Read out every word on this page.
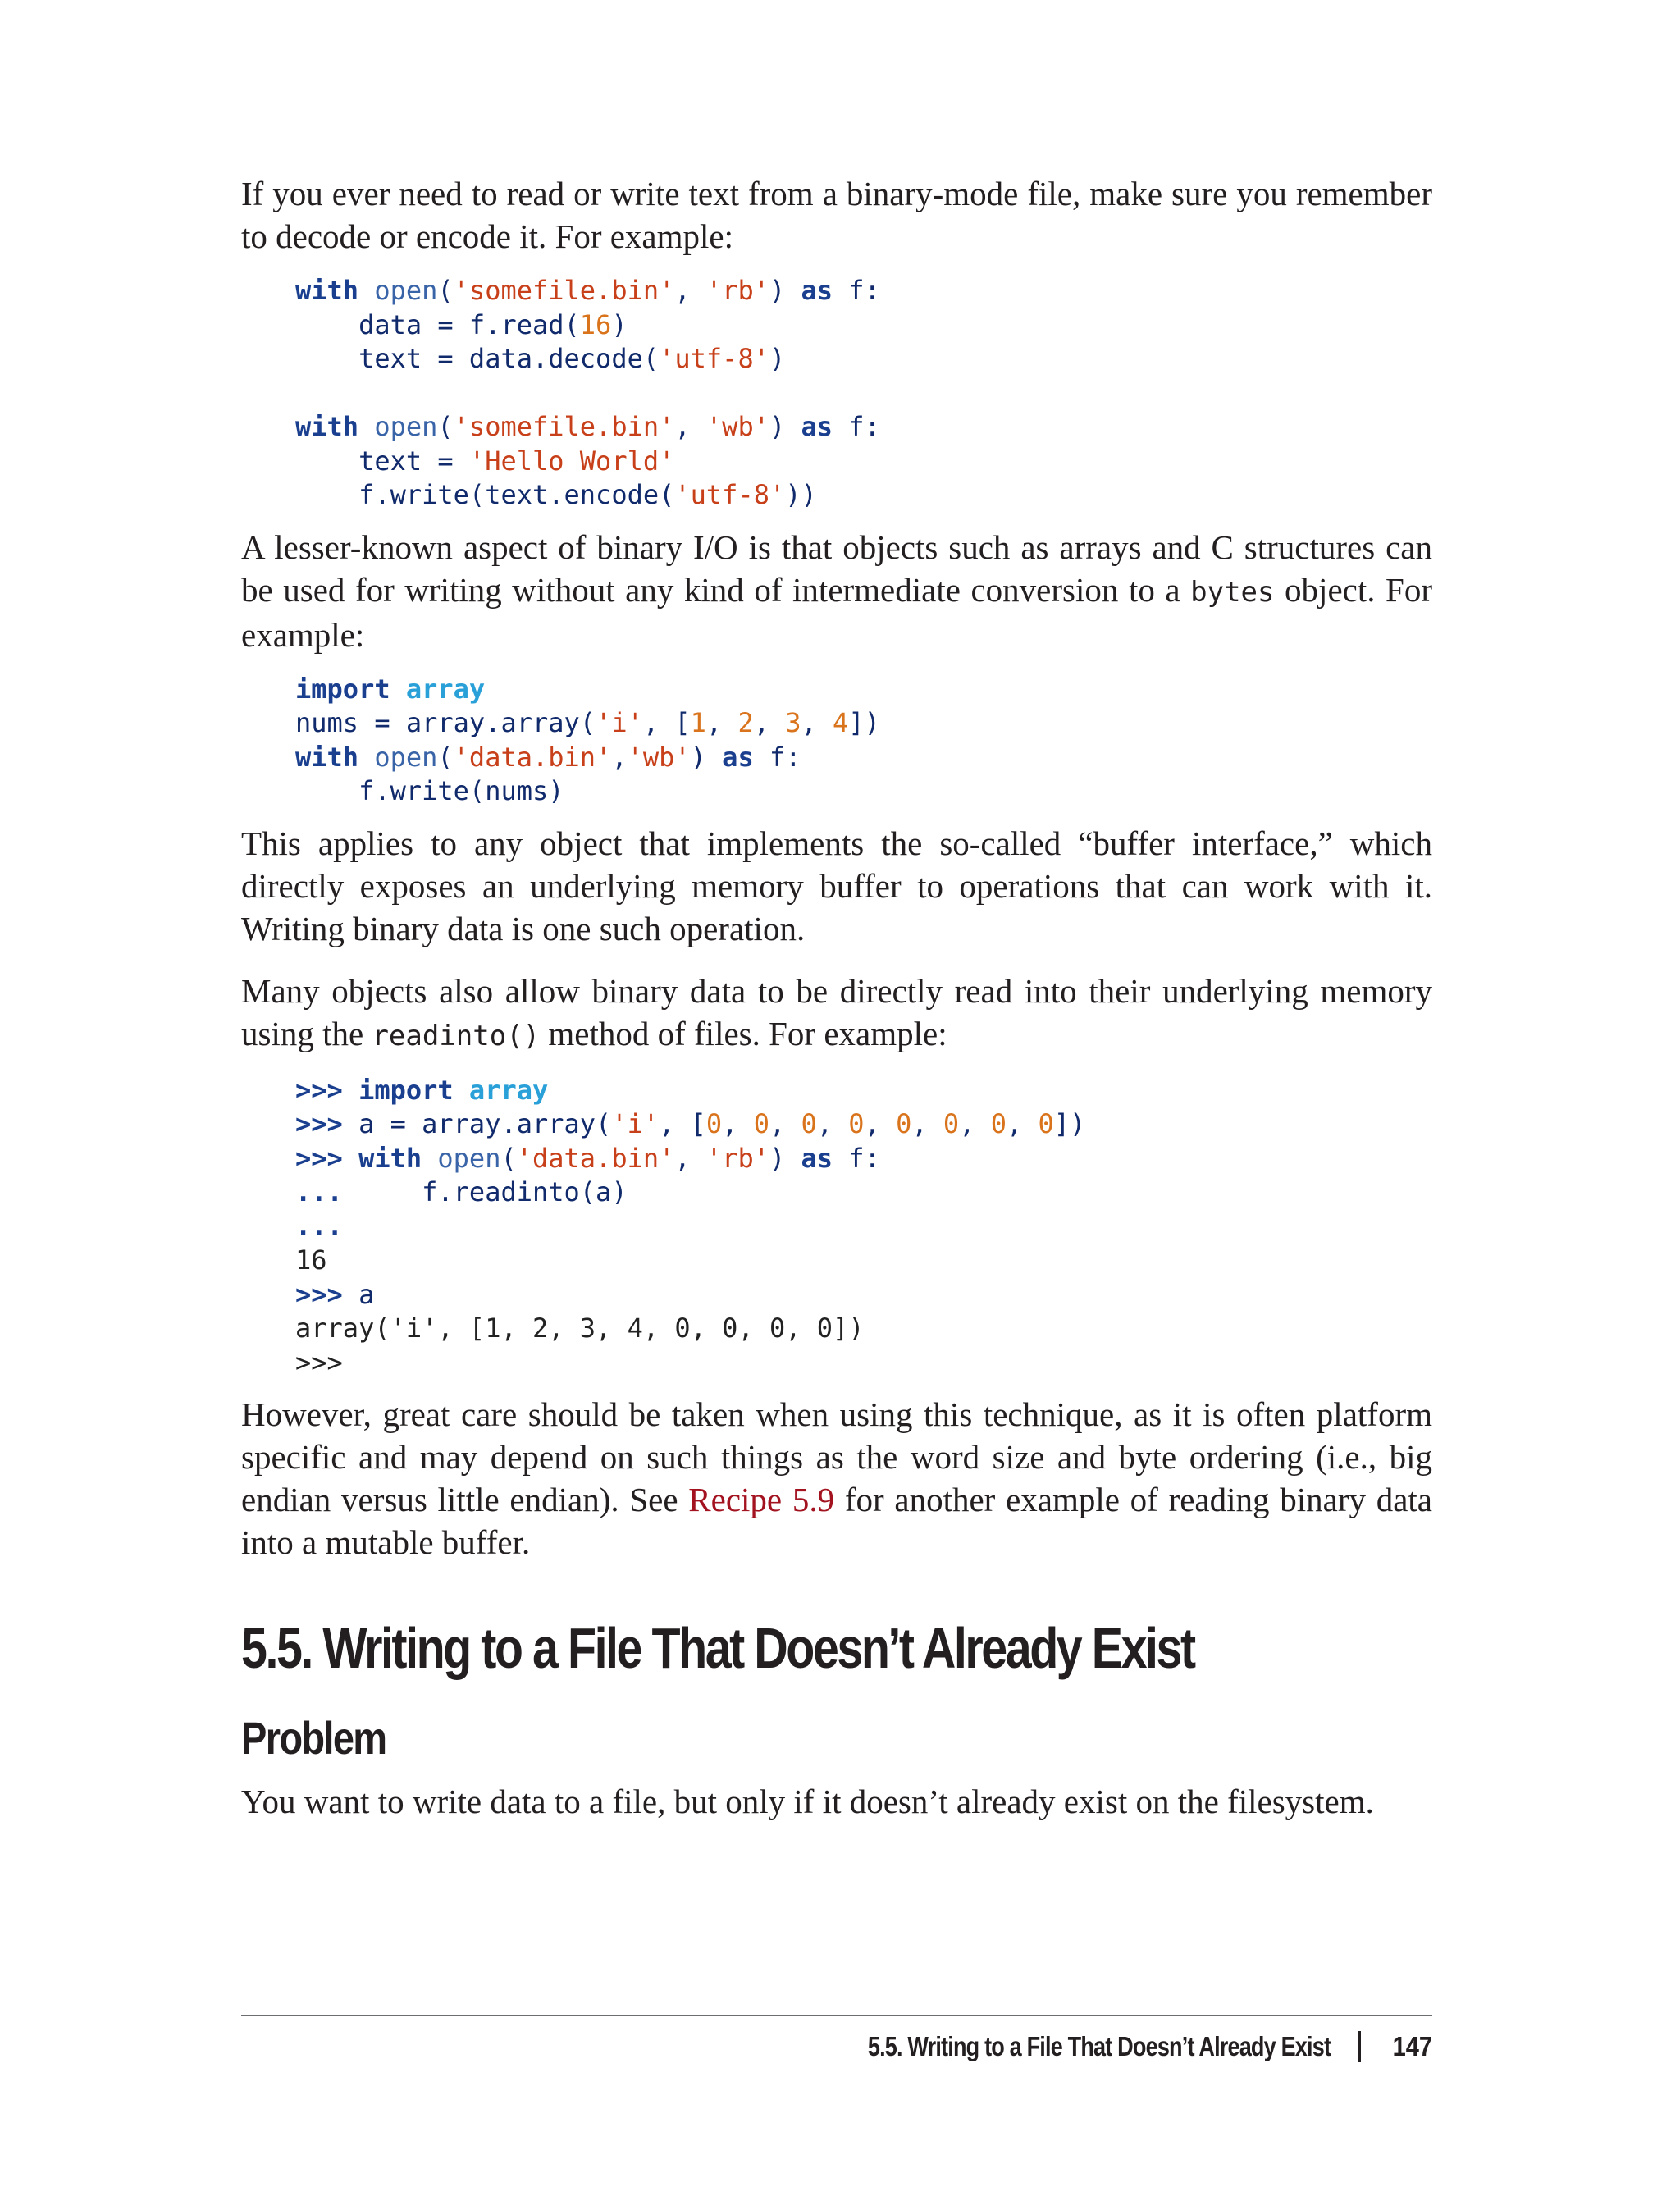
If you ever need to read or write text from a binary-mode file, make sure you remember to decode or encode it. For example:

with open('somefile.bin', 'rb') as f:
data = f.read(16)
text = data.decode('utf-8')

with open('somefile.bin', 'wb') as f:
text = 'Hello World'
f.write(text.encode('utf-8'))

A lesser-known aspect of binary I/O is that objects such as arrays and C structures can be used for writing without any kind of intermediate conversion to a bytes object. For example:

import array
nums = array.array('i', [1, 2, 3, 4])
with open('data.bin','wb') as f:
f.write(nums)

This applies to any object that implements the so-called “buffer interface,” which directly exposes an underlying memory buffer to operations that can work with it. Writing binary data is one such operation.

Many objects also allow binary data to be directly read into their underlying memory using the readinto() method of files. For example:

>>> import array
>>> a = array.array('i', [0, 0, 0, 0, 0, 0, 0, 0])
>>> with open('data.bin', 'rb') as f:
...     f.readinto(a)
...
16
>>> a
array('i', [1, 2, 3, 4, 0, 0, 0, 0])
>>>

However, great care should be taken when using this technique, as it is often platform specific and may depend on such things as the word size and byte ordering (i.e., big endian versus little endian). See Recipe 5.9 for another example of reading binary data into a mutable buffer.

5.5. Writing to a File That Doesn’t Already Exist
Problem

You want to write data to a file, but only if it doesn’t already exist on the filesystem.

5.5. Writing to a File That Doesn’t Already Exist 147
